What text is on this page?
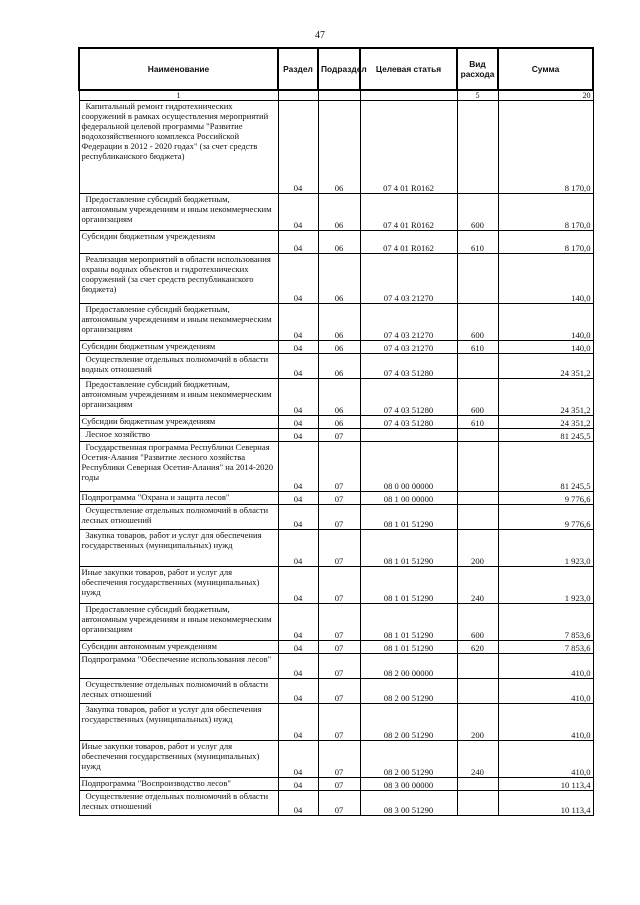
47
Наименование	Раздел	Подраздел	Целевая статья	Вид расхода	Сумма
1				5	20
Капитальный ремонт гидротехнических сооружений в рамках осуществления мероприятий федеральной целевой программы "Развитие водохозяйственного комплекса Российской Федерации в 2012 - 2020 годах" (за счет средств республиканского бюджета)	04	06	07 4 01 R0162		8 170,0
Предоставление субсидий бюджетным, автономным учреждениям и иным некоммерческим организациям	04	06	07 4 01 R0162	600	8 170,0
Субсидии бюджетным учреждениям	04	06	07 4 01 R0162	610	8 170,0
Реализация мероприятий в области использования охраны водных объектов и гидротехнических сооружений (за счет средств республиканского бюджета)	04	06	07 4 03 21270		140,0
Предоставление субсидий бюджетным, автономным учреждениям и иным некоммерческим организациям	04	06	07 4 03 21270	600	140,0
Субсидии бюджетным учреждениям	04	06	07 4 03 21270	610	140,0
Осуществление отдельных полномочий в области водных отношений	04	06	07 4 03 51280		24 351,2
Предоставление субсидий бюджетным, автономным учреждениям и иным некоммерческим организациям	04	06	07 4 03 51280	600	24 351,2
Субсидии бюджетным учреждениям	04	06	07 4 03 51280	610	24 351,2
Лесное хозяйство	04	07			81 245,5
Государственная программа Республики Северная Осетия-Алания "Развитие лесного хозяйства Республики Северная Осетия-Алания" на 2014-2020 годы	04	07	08 0 00 00000		81 245,5
Подпрограмма "Охрана и защита лесов"	04	07	08 1 00 00000		9 776,6
Осуществление отдельных полномочий в области лесных отношений	04	07	08 1 01 51290		9 776,6
Закупка товаров, работ и услуг для обеспечения государственных (муниципальных) нужд	04	07	08 1 01 51290	200	1 923,0
Иные закупки товаров, работ и услуг для обеспечения государственных (муниципальных) нужд	04	07	08 1 01 51290	240	1 923,0
Предоставление субсидий бюджетным, автономным учреждениям и иным некоммерческим организациям	04	07	08 1 01 51290	600	7 853,6
Субсидии автономным учреждениям	04	07	08 1 01 51290	620	7 853,6
Подпрограмма "Обеспечение использования лесов"	04	07	08 2 00 00000		410,0
Осуществление отдельных полномочий в области лесных отношений	04	07	08 2 00 51290		410,0
Закупка товаров, работ и услуг для обеспечения государственных (муниципальных) нужд	04	07	08 2 00 51290	200	410,0
Иные закупки товаров, работ и услуг для обеспечения государственных (муниципальных) нужд	04	07	08 2 00 51290	240	410,0
Подпрограмма "Воспроизводство лесов"	04	07	08 3 00 00000		10 113,4
Осуществление отдельных полномочий в области лесных отношений	04	07	08 3 00 51290		10 113,4
